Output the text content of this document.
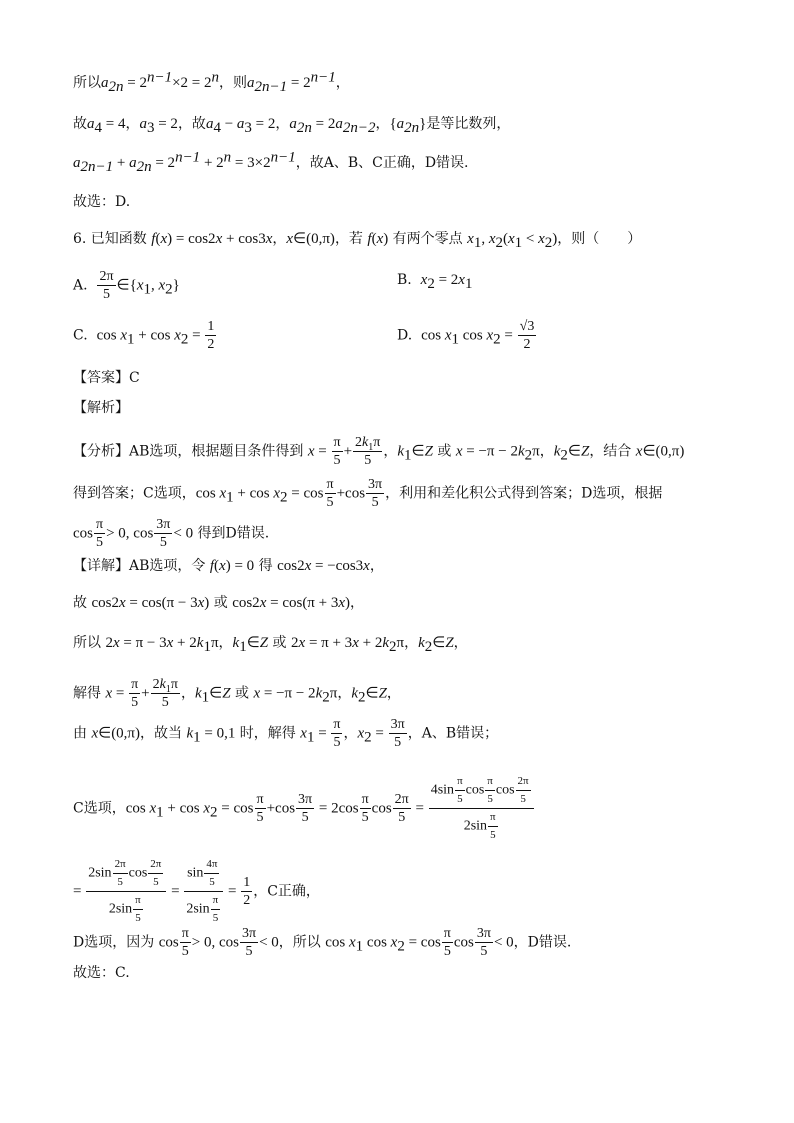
所以$a_{2n} = 2^{n-1}\times 2 = 2^n$，则$a_{2n-1} = 2^{n-1}$，
故$a_4 = 4$，$a_3 = 2$，故$a_4 - a_3 = 2$，$a_{2n} = 2a_{2n-2}$，$\{a_{2n}\}$是等比数列，
$a_{2n-1} + a_{2n} = 2^{n-1} + 2^n = 3\times 2^{n-1}$，故A、B、C正确，D错误.
故选：D.
6. 已知函数 f(x) = cos2x + cos3x，x∈(0,π)，若 f(x) 有两个零点 $x_1$, $x_2(x_1 < x_2)$，则（　　）
A. $\frac{2\pi}{5}$ $\in\{x_1$, $x_2$}	B.  $x_2 = 2x_1$
C.  $\cos x_1 + \cos x_2 = \frac{1}{2}$	D.  $\cos x_1$ $\cos x_2 = \frac{√3}{2}$
【答案】C
【解析】
【分析】AB选项，根据题目条件得到 $x = \frac{\pi}{5} + \frac{2k_1\pi}{5}$ ，$k_1\in Z$ 或 $x = -\pi - 2k_2\pi$，$k_2\in Z$，结合 x∈(0,π)
得到答案；C选项，$\cos x_1 + \cos x_2 = \cos \frac{\pi}{5} +\cos \frac{3\pi}{5}$ ，利用和差化积公式得到答案；D选项，根据
$\cos \frac{\pi}{5} > 0$, $\cos \frac{3\pi}{5} < 0$ 得到D错误.
【详解】AB选项，令 f(x) = 0 得 cos2x = −cos3x，
故 cos2x = cos(π − 3x) 或 cos2x = cos(π + 3x)，
所以 $2x = \pi - 3x + 2k_1\pi$，$k_1\in Z$ 或 $2x = \pi + 3x + 2k_2\pi$，$k_2\in Z$，
解得 $x = \frac{\pi}{5} + \frac{2k_1\pi}{5}$ ，$k_1\in Z$ 或 $x = -\pi - 2k_2\pi$，$k_2\in Z$，
由 x∈(0,π)，故当 $k_1 = 0,1$ 时，解得 $x_1 = \frac{\pi}{5}$ ，$x_2 = \frac{3\pi}{5}$ ，A、B错误；
C选项，$\cos x_1 + \cos x_2 = \cos \frac{\pi}{5} +\cos \frac{3\pi}{5} = 2\cos \frac{\pi}{5}$ $\cos \frac{2\pi}{5} = \frac{4\sin \frac{\pi}{5} \cos \frac{\pi}{5} \cos \frac{2\pi}{5}}{2\sin \frac{\pi}{5}}$
= $\frac{2\sin \frac{2\pi}{5} \cos \frac{2\pi}{5}}{2\sin \frac{\pi}{5}} = \frac{\sin \frac{4\pi}{5}}{2\sin \frac{\pi}{5}} = \frac{1}{2}$ ，C正确，
D选项，因为 $\cos \frac{\pi}{5} > 0$, $\cos \frac{3\pi}{5} < 0$，所以 $\cos x_1$ $\cos x_2 = \cos \frac{\pi}{5}$ $\cos \frac{3\pi}{5} < 0$，D错误.
故选：C.
